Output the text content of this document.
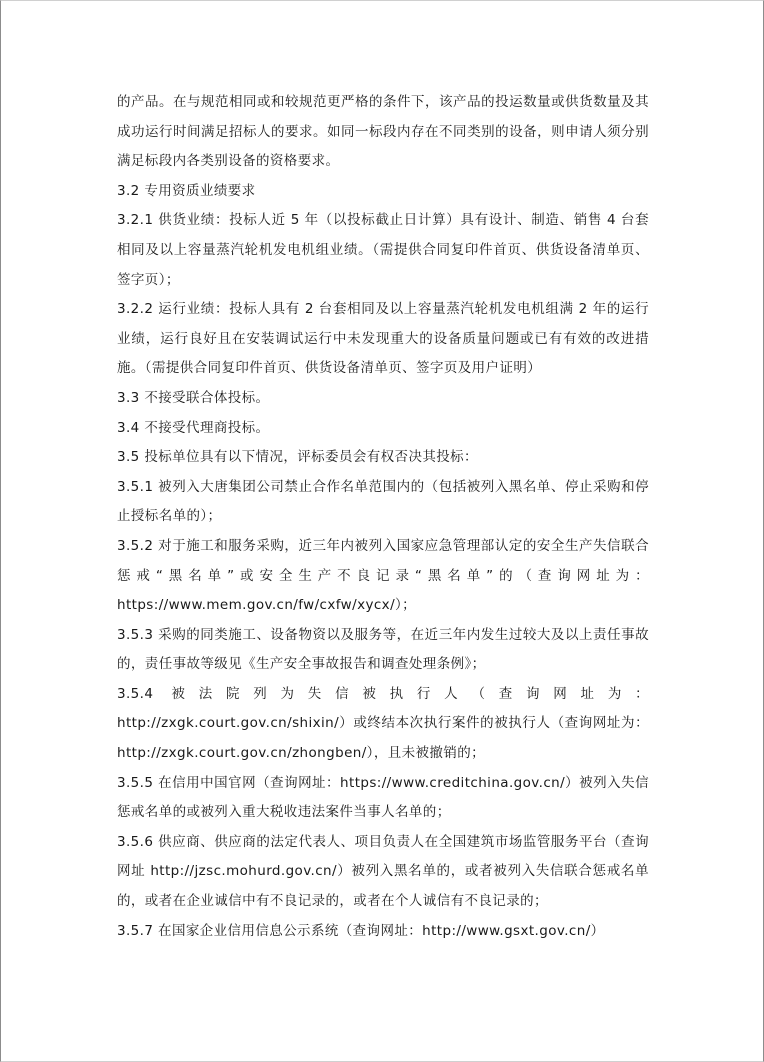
的产品。在与规范相同或和较规范更严格的条件下，该产品的投运数量或供货数量及其成功运行时间满足招标人的要求。如同一标段内存在不同类别的设备，则申请人须分别满足标段内各类别设备的资格要求。

3.2 专用资质业绩要求

3.2.1 供货业绩：投标人近 5 年（以投标截止日计算）具有设计、制造、销售 4 台套相同及以上容量蒸汽轮机发电机组业绩。（需提供合同复印件首页、供货设备清单页、签字页）；

3.2.2 运行业绩：投标人具有 2 台套相同及以上容量蒸汽轮机发电机组满 2 年的运行业绩，运行良好且在安装调试运行中未发现重大的设备质量问题或已有有效的改进措施。（需提供合同复印件首页、供货设备清单页、签字页及用户证明）

3.3 不接受联合体投标。

3.4 不接受代理商投标。

3.5 投标单位具有以下情况，评标委员会有权否决其投标：

3.5.1 被列入大唐集团公司禁止合作名单范围内的（包括被列入黑名单、停止采购和停止授标名单的）；

3.5.2 对于施工和服务采购，近三年内被列入国家应急管理部认定的安全生产失信联合惩戒“黑名单”或安全生产不良记录“黑名单”的（查询网址为：https://www.mem.gov.cn/fw/cxfw/xycx/）；

3.5.3 采购的同类施工、设备物资以及服务等，在近三年内发生过较大及以上责任事故的，责任事故等级见《生产安全事故报告和调查处理条例》；

3.5.4 被法院列为失信被执行人（查询网址为：

http://zxgk.court.gov.cn/shixin/）或终结本次执行案件的被执行人（查询网址为：http://zxgk.court.gov.cn/zhongben/），且未被撤销的；

3.5.5 在信用中国官网（查询网址：https://www.creditchina.gov.cn/）被列入失信惩戒名单的或被列入重大税收违法案件当事人名单的；

3.5.6 供应商、供应商的法定代表人、项目负责人在全国建筑市场监管服务平台（查询网址 http://jzsc.mohurd.gov.cn/）被列入黑名单的，或者被列入失信联合惩戒名单的，或者在企业诚信中有不良记录的，或者在个人诚信有不良记录的；

3.5.7 在国家企业信用信息公示系统（查询网址：http://www.gsxt.gov.cn/）
